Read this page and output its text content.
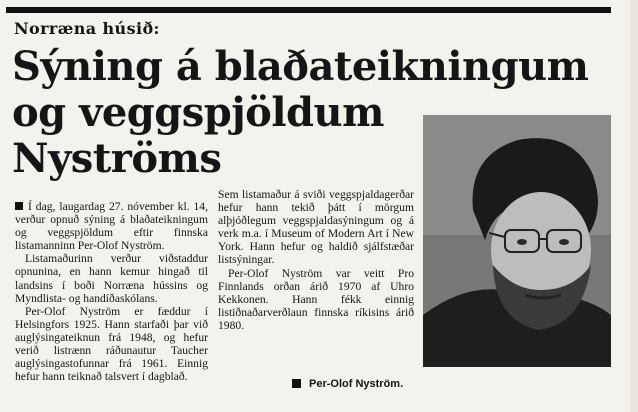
Norræna húsið:
Sýning á blaðateikningum
og veggspjöldum
Nyströms

Í dag, laugardag 27. nóvember kl. 14, verður opnuð sýning á blaðateikningum og veggspjöldum eftir finnska listamanninn Per-Olof Nyström.

Listamaðurinn verður viðstaddur opnunina, en hann kemur hingað til landsins í boði Norræna hússins og Myndlista- og handíðaskólans.

Per-Olof Nyström er fæddur í Helsingfors 1925. Hann starfaði þar við auglýsingateiknun frá 1948, og hefur verið listrænn ráðunautur Taucher auglýsingastofunnar frá 1961. Einnig hefur hann teiknað talsvert í dagblað.

Sem listamaður á sviði veggspjaldagerðar hefur hann tekið þátt í mörgum alþjóðlegum veggspjaldasýningum og á verk m.a. í Museum of Modern Art í New York. Hann hefur og haldið sjálfstæðar listsýningar.

Per-Olof Nyström var veitt Pro Finnlands orðan árið 1970 af Uhro Kekkonen. Hann fékk einnig listiðnaðarverðlaun finnska ríkisins árið 1980.

Per-Olof Nyström.
